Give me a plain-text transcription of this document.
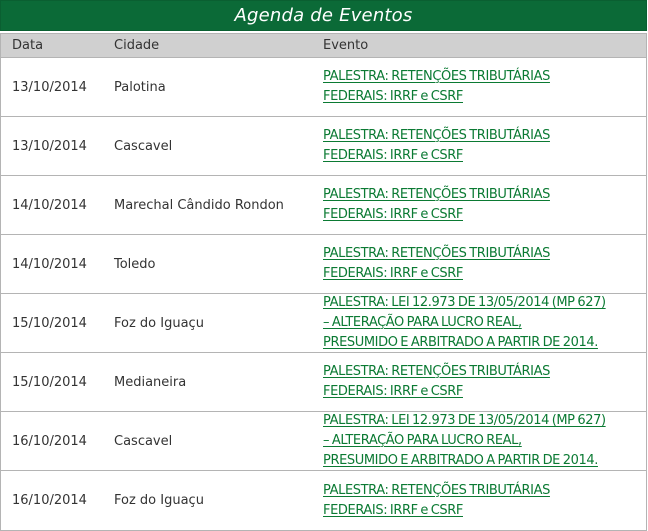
Agenda de Eventos
Data	Cidade	Evento
13/10/2014	Palotina
PALESTRA: RETENÇÕES TRIBUTÁRIAS
FEDERAIS: IRRF e CSRF
13/10/2014	Cascavel
PALESTRA: RETENÇÕES TRIBUTÁRIAS
FEDERAIS: IRRF e CSRF
14/10/2014	Marechal Cândido Rondon
PALESTRA: RETENÇÕES TRIBUTÁRIAS
FEDERAIS: IRRF e CSRF
14/10/2014	Toledo
PALESTRA: RETENÇÕES TRIBUTÁRIAS
FEDERAIS: IRRF e CSRF
15/10/2014	Foz do Iguaçu
PALESTRA: LEI 12.973 DE 13/05/2014 (MP 627)
– ALTERAÇÃO PARA LUCRO REAL,
PRESUMIDO E ARBITRADO A PARTIR DE 2014.
15/10/2014	Medianeira
PALESTRA: RETENÇÕES TRIBUTÁRIAS
FEDERAIS: IRRF e CSRF
16/10/2014	Cascavel
PALESTRA: LEI 12.973 DE 13/05/2014 (MP 627)
– ALTERAÇÃO PARA LUCRO REAL,
PRESUMIDO E ARBITRADO A PARTIR DE 2014.
16/10/2014	Foz do Iguaçu
PALESTRA: RETENÇÕES TRIBUTÁRIAS
FEDERAIS: IRRF e CSRF
